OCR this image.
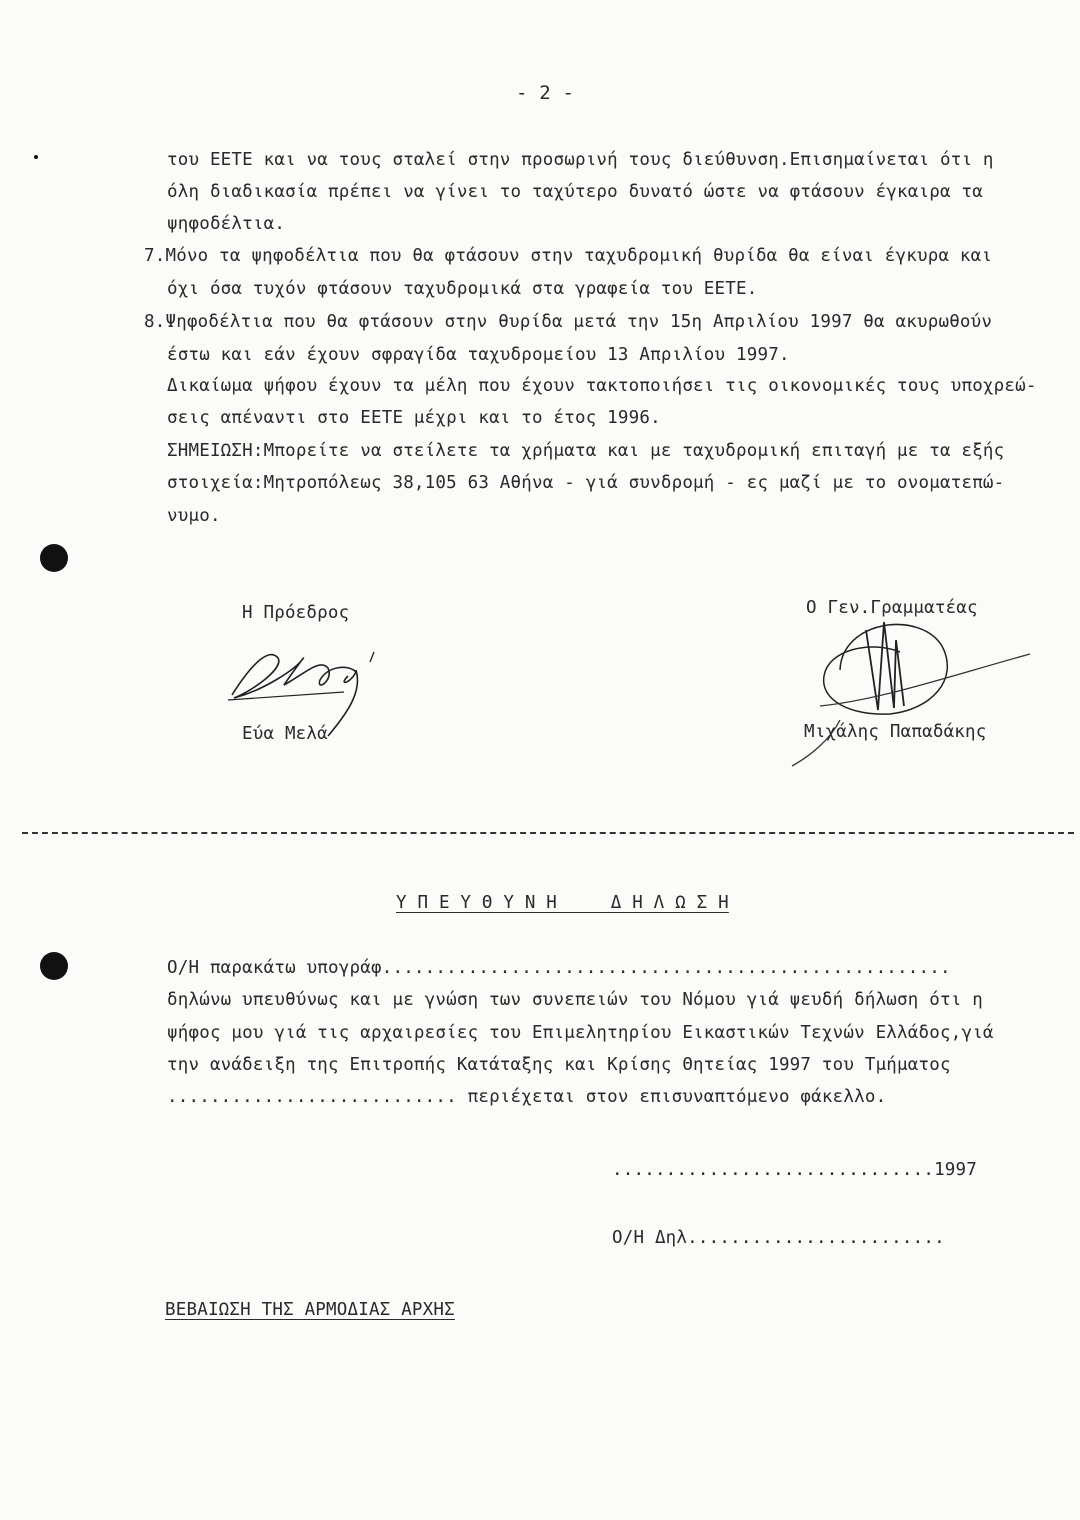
- 2 -
του ΕΕΤΕ και να τους σταλεί στην προσωρινή τους διεύθυνση.Επισημαίνεται ότι η
όλη διαδικασία πρέπει να γίνει το ταχύτερο δυνατό ώστε να φτάσουν έγκαιρα τα
ψηφοδέλτια.
7.Μόνο τα ψηφοδέλτια που θα φτάσουν στην ταχυδρομική θυρίδα θα είναι έγκυρα και
όχι όσα τυχόν φτάσουν ταχυδρομικά στα γραφεία του ΕΕΤΕ.
8.Ψηφοδέλτια που θα φτάσουν στην θυρίδα μετά την 15η Απριλίου 1997 θα ακυρωθούν
έστω και εάν έχουν σφραγίδα ταχυδρομείου 13 Απριλίου 1997.
Δικαίωμα ψήφου έχουν τα μέλη που έχουν τακτοποιήσει τις οικονομικές τους υποχρεώ-
σεις απέναντι στο ΕΕΤΕ μέχρι και το έτος 1996.
ΣΗΜΕΙΩΣΗ:Μπορείτε να στείλετε τα χρήματα και με ταχυδρομική επιταγή με τα εξής
στοιχεία:Μητροπόλεως 38,105 63 Αθήνα - γιά συνδρομή - ες μαζί με το ονοματεπώ-
νυμο.
Η Πρόεδρος
Εύα Μελά
Ο Γεν.Γραμματέας
Μιχάλης Παπαδάκης
Υ Π Ε Υ Θ Υ Ν Η     Δ Η Λ Ω Σ Η
Ο/Η παρακάτω υπογράφ.....................................................
δηλώνω υπευθύνως και με γνώση των συνεπειών του Νόμου γιά ψευδή δήλωση ότι η
ψήφος μου γιά τις αρχαιρεσίες του Επιμελητηρίου Εικαστικών Τεχνών Ελλάδος,γιά
την ανάδειξη της Επιτροπής Κατάταξης και Κρίσης Θητείας 1997 του Τμήματος
........................... περιέχεται στον επισυναπτόμενο φάκελλο.
..............................1997
Ο/Η Δηλ........................
ΒΕΒΑΙΩΣΗ ΤΗΣ ΑΡΜΟΔΙΑΣ ΑΡΧΗΣ
